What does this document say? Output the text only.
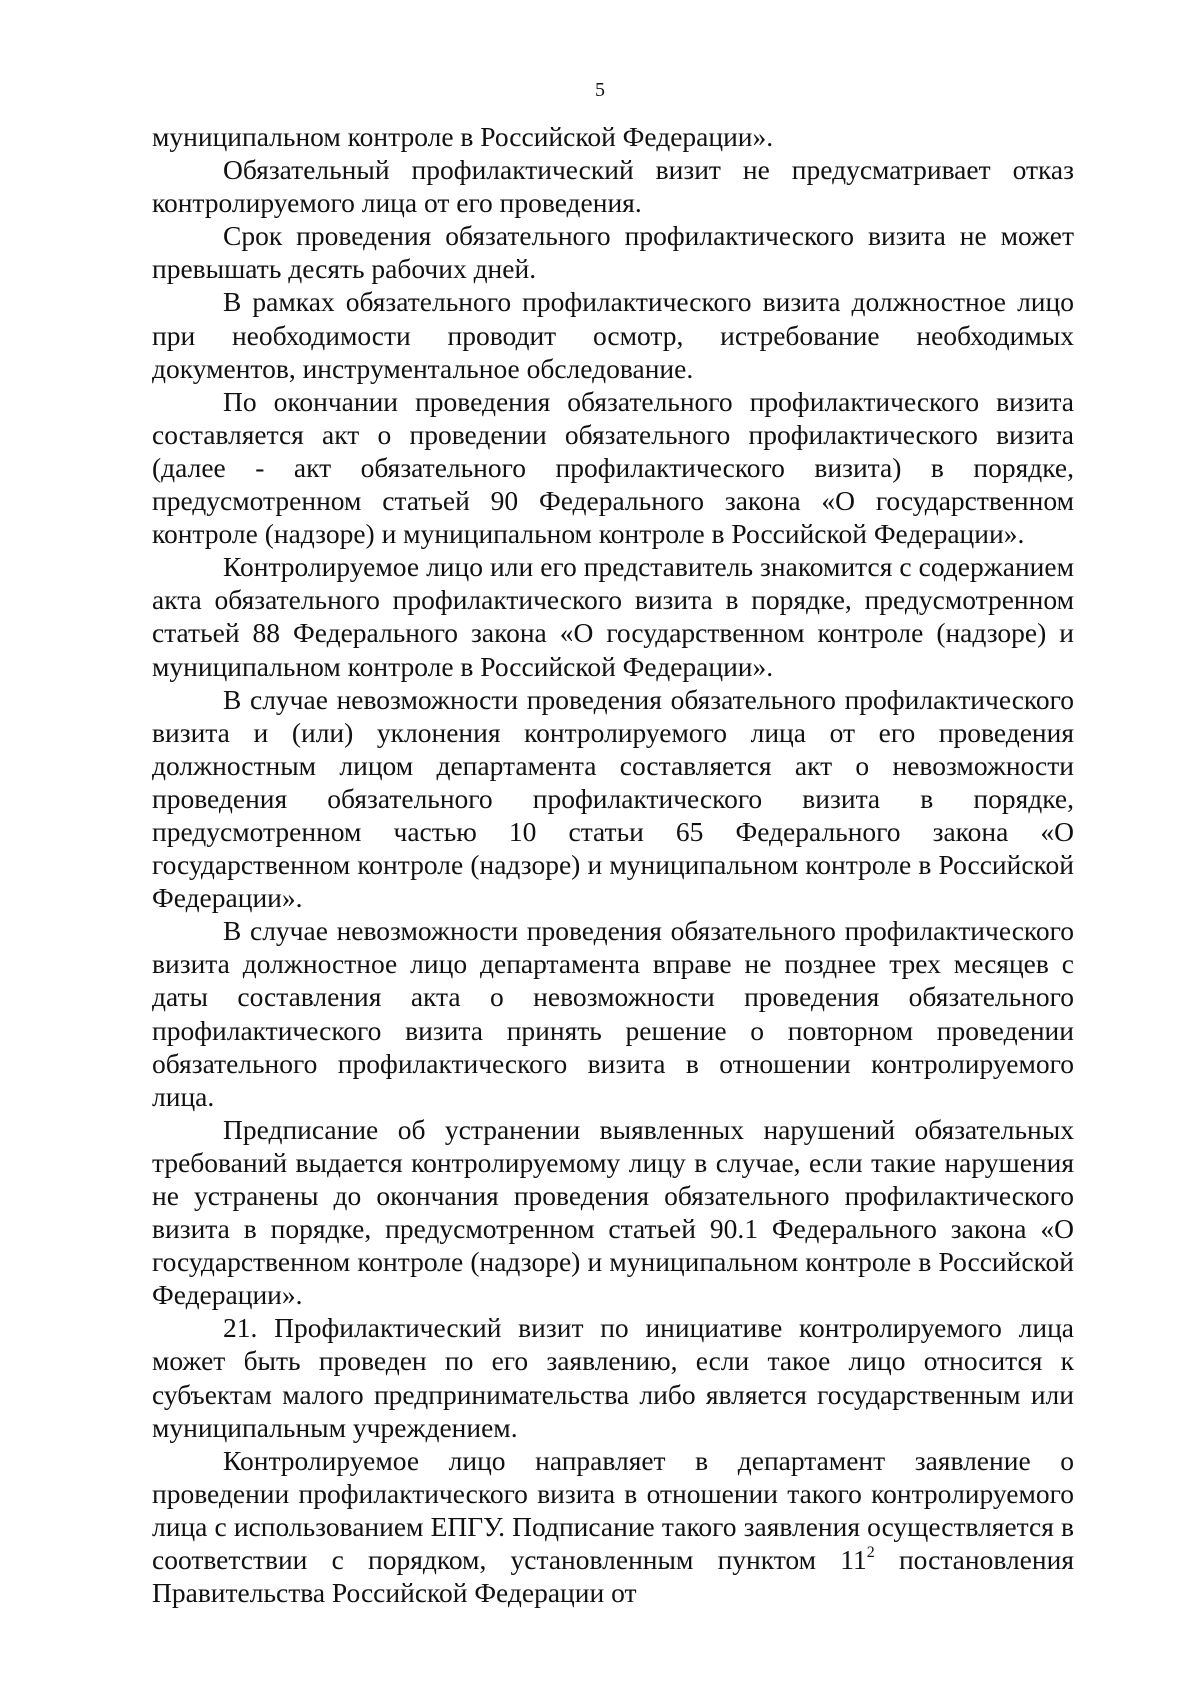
5

муниципальном контроле в Российской Федерации».

Обязательный профилактический визит не предусматривает отказ контролируемого лица от его проведения.

Срок проведения обязательного профилактического визита не может превышать десять рабочих дней.

В рамках обязательного профилактического визита должностное лицо при необходимости проводит осмотр, истребование необходимых документов, инструментальное обследование.

По окончании проведения обязательного профилактического визита составляется акт о проведении обязательного профилактического визита (далее - акт обязательного профилактического визита) в порядке, предусмотренном статьей 90 Федерального закона «О государственном контроле (надзоре) и муниципальном контроле в Российской Федерации».

Контролируемое лицо или его представитель знакомится с содержанием акта обязательного профилактического визита в порядке, предусмотренном статьей 88 Федерального закона «О государственном контроле (надзоре) и муниципальном контроле в Российской Федерации».

В случае невозможности проведения обязательного профилактического визита и (или) уклонения контролируемого лица от его проведения должностным лицом департамента составляется акт о невозможности проведения обязательного профилактического визита в порядке, предусмотренном частью 10 статьи 65 Федерального закона «О государственном контроле (надзоре) и муниципальном контроле в Российской Федерации».

В случае невозможности проведения обязательного профилактического визита должностное лицо департамента вправе не позднее трех месяцев с даты составления акта о невозможности проведения обязательного профилактического визита принять решение о повторном проведении обязательного профилактического визита в отношении контролируемого лица.

Предписание об устранении выявленных нарушений обязательных требований выдается контролируемому лицу в случае, если такие нарушения не устранены до окончания проведения обязательного профилактического визита в порядке, предусмотренном статьей 90.1 Федерального закона «О государственном контроле (надзоре) и муниципальном контроле в Российской Федерации».

21. Профилактический визит по инициативе контролируемого лица может быть проведен по его заявлению, если такое лицо относится к субъектам малого предпринимательства либо является государственным или муниципальным учреждением.

Контролируемое лицо направляет в департамент заявление о проведении профилактического визита в отношении такого контролируемого лица с использованием ЕПГУ. Подписание такого заявления осуществляется в соответствии с порядком, установленным пунктом $11^2$ постановления Правительства Российской Федерации от
